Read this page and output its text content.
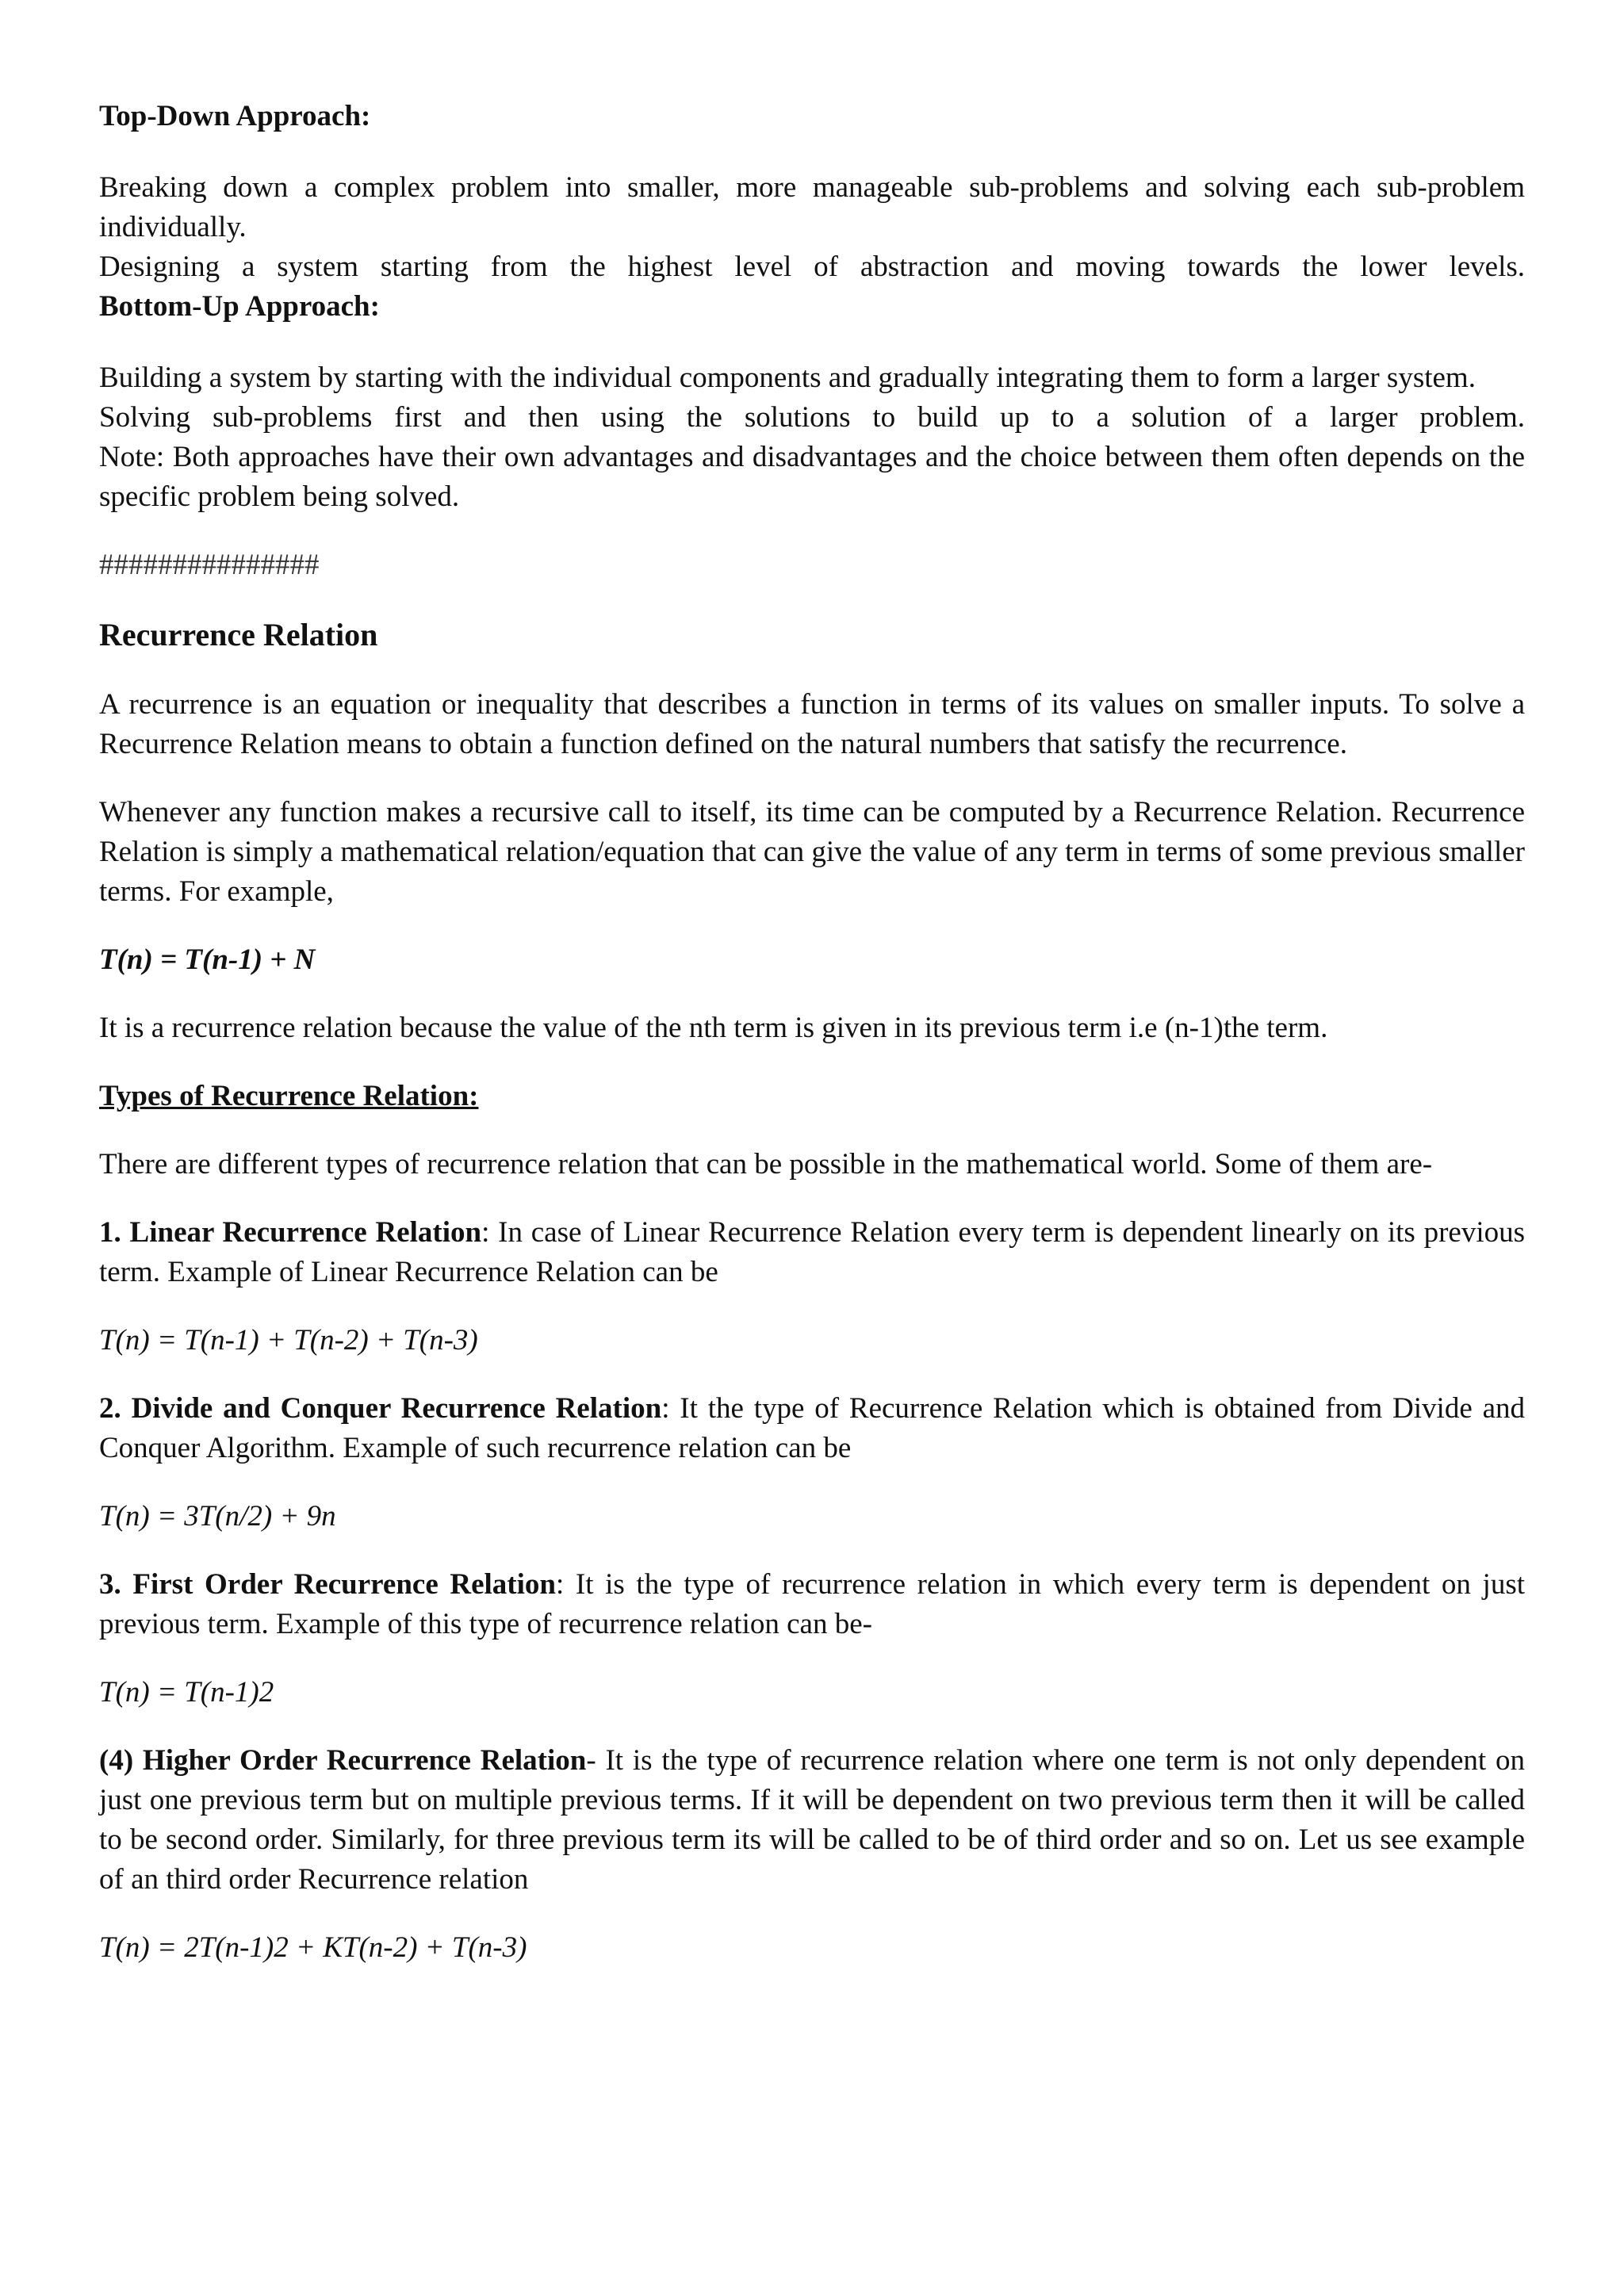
Top-Down Approach:

Breaking down a complex problem into smaller, more manageable sub-problems and solving each sub-problem individually.

Designing a system starting from the highest level of abstraction and moving towards the lower levels.

Bottom-Up Approach:

Building a system by starting with the individual components and gradually integrating them to form a larger system.

Solving sub-problems first and then using the solutions to build up to a solution of a larger problem.

Note: Both approaches have their own advantages and disadvantages and the choice between them often depends on the specific problem being solved.

###############

Recurrence Relation

A recurrence is an equation or inequality that describes a function in terms of its values on smaller inputs. To solve a Recurrence Relation means to obtain a function defined on the natural numbers that satisfy the recurrence.

Whenever any function makes a recursive call to itself, its time can be computed by a Recurrence Relation. Recurrence Relation is simply a mathematical relation/equation that can give the value of any term in terms of some previous smaller terms. For example,

T(n) = T(n-1) + N

It is a recurrence relation because the value of the nth term is given in its previous term i.e (n-1)the term.

Types of Recurrence Relation:

There are different types of recurrence relation that can be possible in the mathematical world. Some of them are-

1. Linear Recurrence Relation: In case of Linear Recurrence Relation every term is dependent linearly on its previous term. Example of Linear Recurrence Relation can be

T(n) = T(n-1) + T(n-2) + T(n-3)

2. Divide and Conquer Recurrence Relation: It the type of Recurrence Relation which is obtained from Divide and Conquer Algorithm. Example of such recurrence relation can be

T(n) = 3T(n/2) + 9n

3. First Order Recurrence Relation: It is the type of recurrence relation in which every term is dependent on just previous term. Example of this type of recurrence relation can be-

T(n) = T(n-1)2

(4) Higher Order Recurrence Relation- It is the type of recurrence relation where one term is not only dependent on just one previous term but on multiple previous terms. If it will be dependent on two previous term then it will be called to be second order. Similarly, for three previous term its will be called to be of third order and so on. Let us see example of an third order Recurrence relation

T(n) = 2T(n-1)2 + KT(n-2) + T(n-3)
